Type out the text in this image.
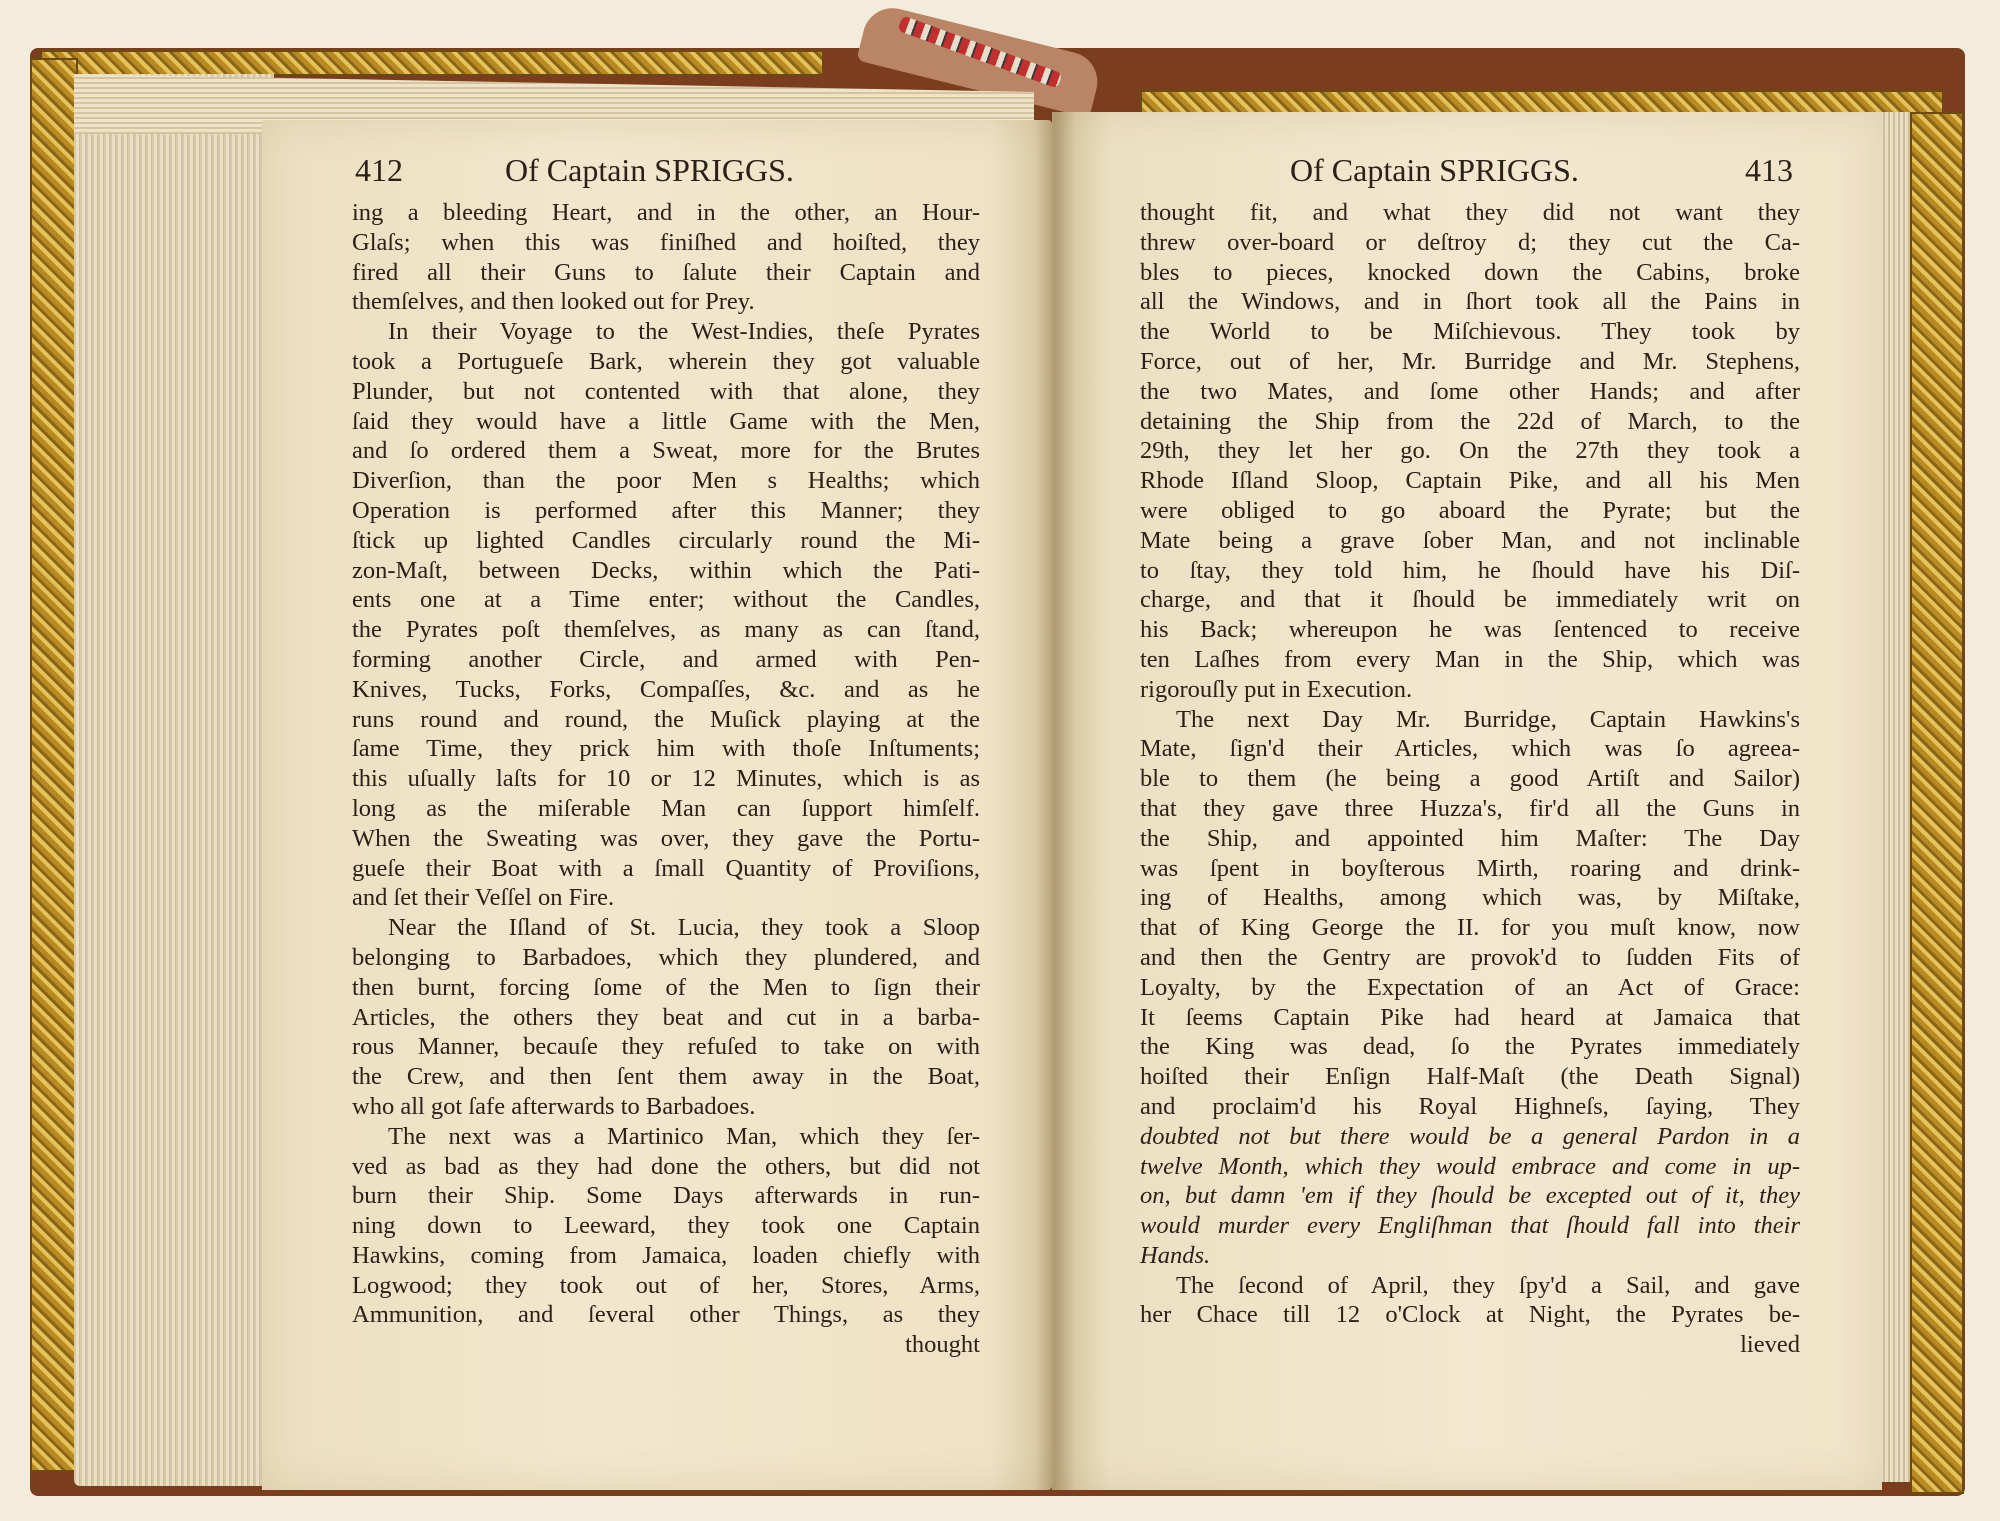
412	Of Captain SPRIGGS.	Of Captain SPRIGGS.	413
ing a bleeding Heart, and in the other, an Hour-
Glaſs; when this was finiſhed and hoiſted, they
fired all their Guns to ſalute their Captain and
themſelves, and then looked out for Prey.
In their Voyage to the West-Indies, theſe Pyrates
took a Portugueſe Bark, wherein they got valuable
Plunder, but not contented with that alone, they
ſaid they would have a little Game with the Men,
and ſo ordered them a Sweat, more for the Brutes
Diverſion, than the poor Men s Healths; which
Operation is performed after this Manner; they
ſtick up lighted Candles circularly round the Mi-
zon-Maſt, between Decks, within which the Pati-
ents one at a Time enter; without the Candles,
the Pyrates poſt themſelves, as many as can ſtand,
forming another Circle, and armed with Pen-
Knives, Tucks, Forks, Compaſſes, &c. and as he
runs round and round, the Muſick playing at the
ſame Time, they prick him with thoſe Inſtuments;
this uſually laſts for 10 or 12 Minutes, which is as
long as the miſerable Man can ſupport himſelf.
When the Sweating was over, they gave the Portu-
gueſe their Boat with a ſmall Quantity of Proviſions,
and ſet their Veſſel on Fire.
Near the Iſland of St. Lucia, they took a Sloop
belonging to Barbadoes, which they plundered, and
then burnt, forcing ſome of the Men to ſign their
Articles, the others they beat and cut in a barba-
rous Manner, becauſe they refuſed to take on with
the Crew, and then ſent them away in the Boat,
who all got ſafe afterwards to Barbadoes.
The next was a Martinico Man, which they ſer-
ved as bad as they had done the others, but did not
burn their Ship. Some Days afterwards in run-
ning down to Leeward, they took one Captain
Hawkins, coming from Jamaica, loaden chiefly with
Logwood; they took out of her, Stores, Arms,
Ammunition, and ſeveral other Things, as they
thought
thought fit, and what they did not want they
threw over-board or deſtroy d; they cut the Ca-
bles to pieces, knocked down the Cabins, broke
all the Windows, and in ſhort took all the Pains in
the World to be Miſchievous. They took by
Force, out of her, Mr. Burridge and Mr. Stephens,
the two Mates, and ſome other Hands; and after
detaining the Ship from the 22d of March, to the
29th, they let her go. On the 27th they took a
Rhode Iſland Sloop, Captain Pike, and all his Men
were obliged to go aboard the Pyrate; but the
Mate being a grave ſober Man, and not inclinable
to ſtay, they told him, he ſhould have his Diſ-
charge, and that it ſhould be immediately writ on
his Back; whereupon he was ſentenced to receive
ten Laſhes from every Man in the Ship, which was
rigorouſly put in Execution.
The next Day Mr. Burridge, Captain Hawkins's
Mate, ſign'd their Articles, which was ſo agreea-
ble to them (he being a good Artiſt and Sailor)
that they gave three Huzza's, fir'd all the Guns in
the Ship, and appointed him Maſter: The Day
was ſpent in boyſterous Mirth, roaring and drink-
ing of Healths, among which was, by Miſtake,
that of King George the II. for you muſt know, now
and then the Gentry are provok'd to ſudden Fits of
Loyalty, by the Expectation of an Act of Grace:
It ſeems Captain Pike had heard at Jamaica that
the King was dead, ſo the Pyrates immediately
hoiſted their Enſign Half-Maſt (the Death Signal)
and proclaim'd his Royal Highneſs, ſaying, They
doubted not but there would be a general Pardon in a
twelve Month, which they would embrace and come in up-
on, but damn 'em if they ſhould be excepted out of it, they
would murder every Engliſhman that ſhould fall into their
Hands.
The ſecond of April, they ſpy'd a Sail, and gave
her Chace till 12 o'Clock at Night, the Pyrates be-
lieved
